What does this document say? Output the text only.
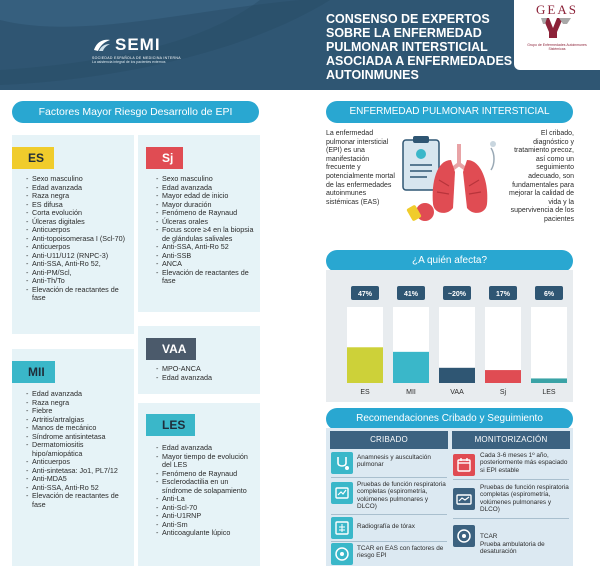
SEMI
SOCIEDAD ESPAÑOLA DE MEDICINA INTERNA
La asistencia integral de los pacientes externos
CONSENSO DE EXPERTOS SOBRE LA ENFERMEDAD PULMONAR INTERSTICIAL ASOCIADA A ENFERMEDADES AUTOINMUNES
GEAS
Grupo de Enfermedades Autoinmunes Sistémicas
Factores Mayor Riesgo Desarrollo de EPI
ES
- Sexo masculino
- Edad avanzada
- Raza negra
- ES difusa
- Corta evolución
- Úlceras digitales
- Anticuerpos
- Anti-topoisomerasa I (Scl-70)
- Anticuerpos
- Anti-U11/U12 (RNPC-3)
- Anti-SSA, Anti-Ro 52,
- Anti-PM/Scl,
- Anti-Th/To
- Elevación de reactantes de fase
Sj
- Sexo masculino
- Edad avanzada
- Mayor edad de inicio
- Mayor duración
- Fenómeno de Raynaud
- Úlceras orales
- Focus score ≥4 en la biopsia de glándulas salivales
- Anti-SSA, Anti-Ro 52
- Anti-SSB
- ANCA
- Elevación de reactantes de fase
VAA
- MPO-ANCA
- Edad avanzada
MII
- Edad avanzada
- Raza negra
- Fiebre
- Artritis/artralgias
- Manos de mecánico
- Síndrome antisintetasa
- Dermatomiositis hipo/amiopática
- Anticuerpos
- Anti-sintetasa: Jo1, PL7/12
- Anti-MDA5
- Anti-SSA, Anti-Ro 52
- Elevación de reactantes de fase
LES
- Edad avanzada
- Mayor tiempo de evolución del LES
- Fenómeno de Raynaud
- Esclerodactilia en un síndrome de solapamiento
- Anti-La
- Anti-Scl-70
- Anti-U1RNP
- Anti-Sm
- Anticoagulante lúpico
ENFERMEDAD PULMONAR INTERSTICIAL
La enfermedad pulmonar intersticial (EPI) es una manifestación frecuente y potencialmente mortal de las enfermedades autoinmunes sistémicas (EAS)
El cribado, diagnóstico y tratamiento precoz, así como un seguimiento adecuado, son fundamentales para mejorar la calidad de vida y la supervivencia de los pacientes
¿A quién afecta?
47%
ES
41%
MII
~20%
VAA
17%
Sj
6%
LES
Recomendaciones Cribado y Seguimiento
CRIBADO	MONITORIZACIÓN
Anamnesis y auscultación pulmonar
Pruebas de función respiratoria completas (espirometría, volúmenes pulmonares y DLCO)
Radiografía de tórax
TCAR en EAS con factores de riesgo EPI
Cada 3-6 meses 1º año, posteriormente más espaciado si EPI estable
Pruebas de función respiratoria completas (espirometría, volúmenes pulmonares y DLCO)
TCAR
Prueba ambulatoria de desaturación
